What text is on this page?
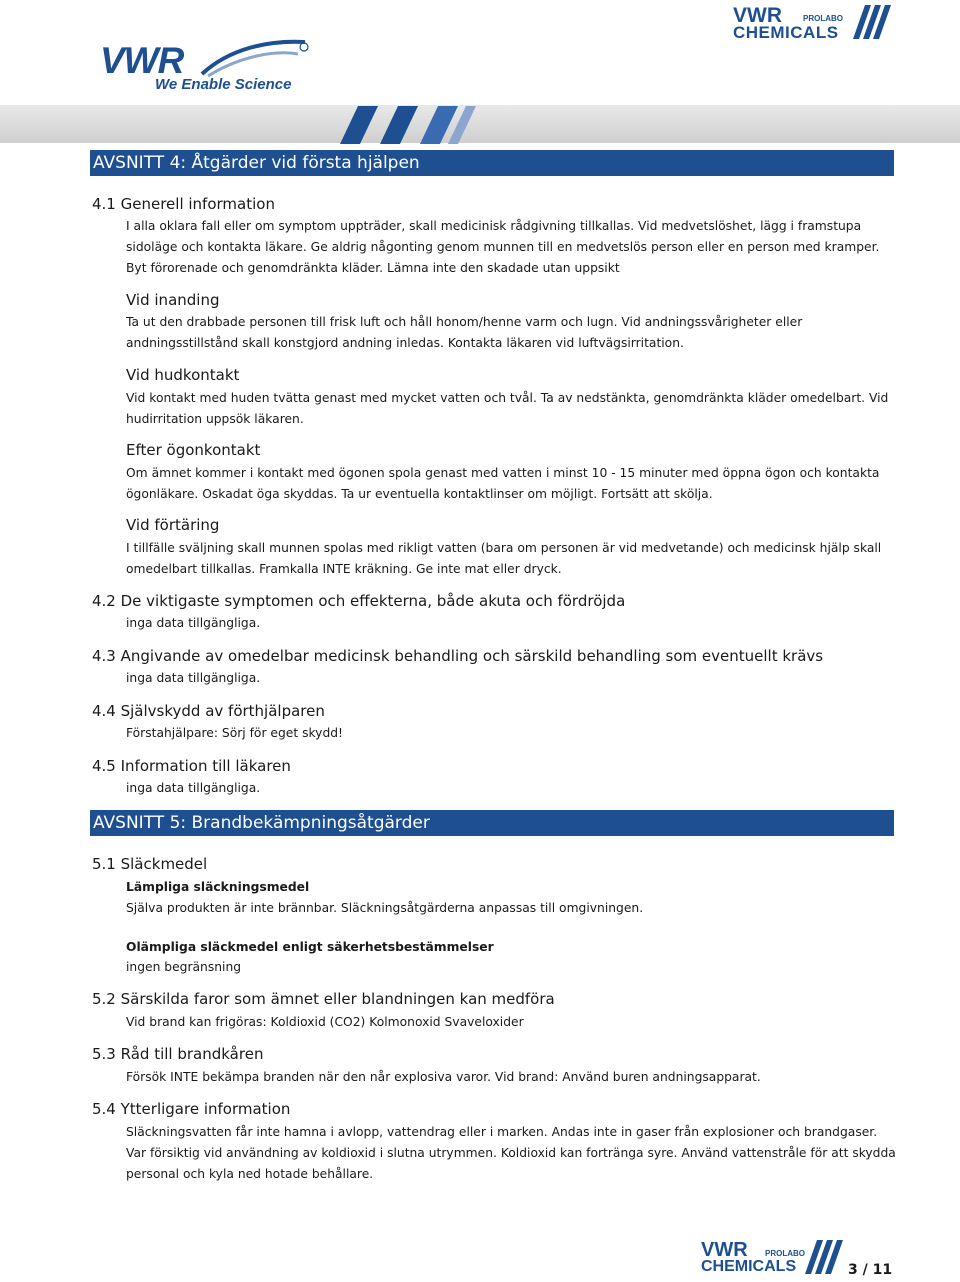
VWR
We Enable Science
VWR	PROLABO
CHEMICALS
AVSNITT 4: Åtgärder vid första hjälpen
4.1 Generell information
I alla oklara fall eller om symptom uppträder, skall medicinisk rådgivning tillkallas. Vid medvetslöshet, lägg i framstupa sidoläge och kontakta läkare. Ge aldrig någonting genom munnen till en medvetslös person eller en person med kramper. Byt förorenade och genomdränkta kläder. Lämna inte den skadade utan uppsikt
Vid inanding
Ta ut den drabbade personen till frisk luft och håll honom/henne varm och lugn. Vid andningssvårigheter eller andningsstillstånd skall konstgjord andning inledas. Kontakta läkaren vid luftvägsirritation.
Vid hudkontakt
Vid kontakt med huden tvätta genast med mycket vatten och tvål. Ta av nedstänkta, genomdränkta kläder omedelbart. Vid hudirritation uppsök läkaren.
Efter ögonkontakt
Om ämnet kommer i kontakt med ögonen spola genast med vatten i minst 10 - 15 minuter med öppna ögon och kontakta ögonläkare. Oskadat öga skyddas. Ta ur eventuella kontaktlinser om möjligt. Fortsätt att skölja.
Vid förtäring
I tillfälle sväljning skall munnen spolas med rikligt vatten (bara om personen är vid medvetande) och medicinsk hjälp skall omedelbart tillkallas. Framkalla INTE kräkning. Ge inte mat eller dryck.
4.2 De viktigaste symptomen och effekterna, både akuta och fördröjda
inga data tillgängliga.
4.3 Angivande av omedelbar medicinsk behandling och särskild behandling som eventuellt krävs
inga data tillgängliga.
4.4 Självskydd av förthjälparen
Förstahjälpare: Sörj för eget skydd!
4.5 Information till läkaren
inga data tillgängliga.
AVSNITT 5: Brandbekämpningsåtgärder
5.1 Släckmedel
Lämpliga släckningsmedel
Själva produkten är inte brännbar. Släckningsåtgärderna anpassas till omgivningen.
Olämpliga släckmedel enligt säkerhetsbestämmelser
ingen begränsning
5.2 Särskilda faror som ämnet eller blandningen kan medföra
Vid brand kan frigöras: Koldioxid (CO2) Kolmonoxid Svaveloxider
5.3 Råd till brandkåren
Försök INTE bekämpa branden när den når explosiva varor. Vid brand: Använd buren andningsapparat.
5.4 Ytterligare information
Släckningsvatten får inte hamna i avlopp, vattendrag eller i marken. Andas inte in gaser från explosioner och brandgaser. Var försiktig vid användning av koldioxid i slutna utrymmen. Koldioxid kan fortränga syre. Använd vattenstråle för att skydda personal och kyla ned hotade behållare.
VWR PROLABO
CHEMICALS	3 / 11
